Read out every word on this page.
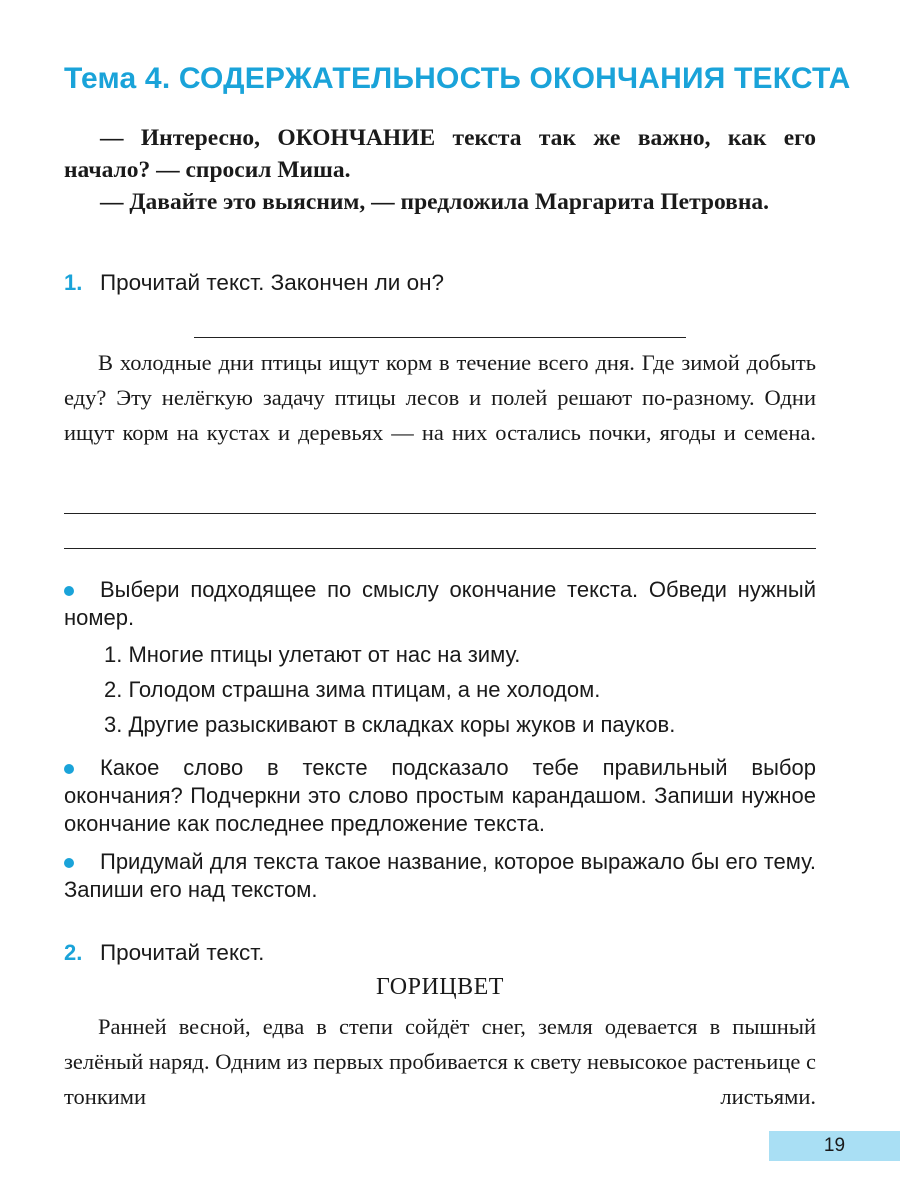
Тема 4. СОДЕРЖАТЕЛЬНОСТЬ ОКОНЧАНИЯ ТЕКСТА

— Интересно, ОКОНЧАНИЕ текста так же важно, как его начало? — спросил Миша.

— Давайте это выясним, — предложила Маргарита Петровна.

1. Прочитай текст. Закончен ли он?

В холодные дни птицы ищут корм в течение всего дня. Где зимой добыть еду? Эту нелёгкую задачу птицы лесов и полей решают по-разному. Одни ищут корм на кустах и деревьях — на них остались почки, ягоды и семена.

Выбери подходящее по смыслу окончание текста. Обведи нужный номер.
1. Многие птицы улетают от нас на зиму.
2. Голодом страшна зима птицам, а не холодом.
3. Другие разыскивают в складках коры жуков и пауков.
Какое слово в тексте подсказало тебе правильный выбор окончания? Подчеркни это слово простым карандашом. Запиши нужное окончание как последнее предложение текста.
Придумай для текста такое название, которое выражало бы его тему. Запиши его над текстом.
2. Прочитай текст.
ГОРИЦВЕТ

Ранней весной, едва в степи сойдёт снег, земля одевается в пышный зелёный наряд. Одним из первых пробивается к свету невысокое растеньице с тонкими листьями.

19
